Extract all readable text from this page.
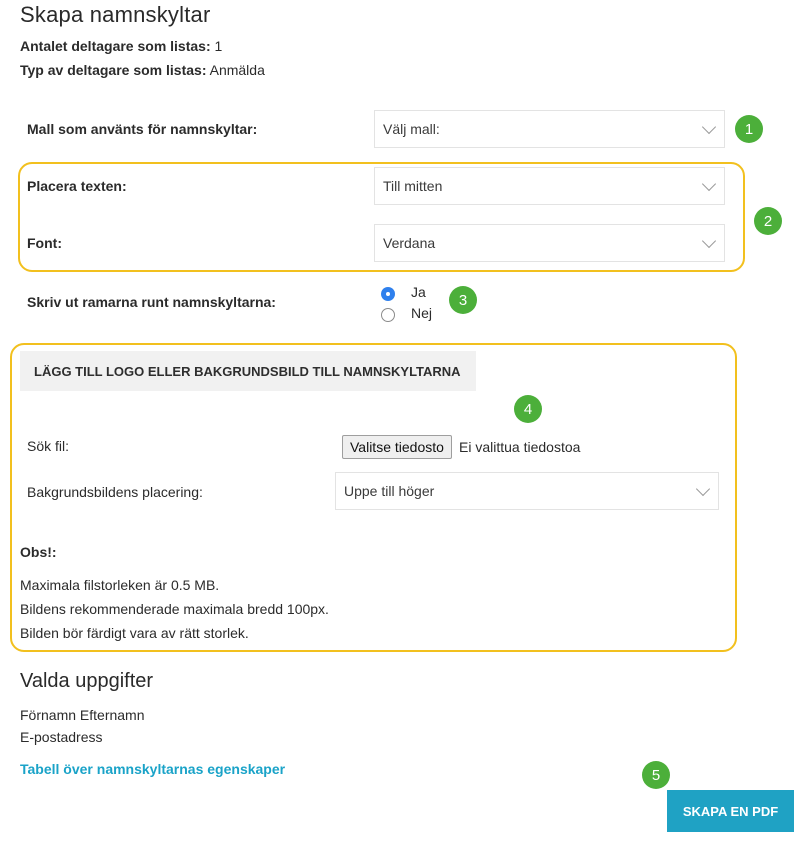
Skapa namnskyltar
Antalet deltagare som listas: 1
Typ av deltagare som listas: Anmälda
Mall som använts för namnskyltar:	Välj mall:	1
Placera texten:	Till mitten
Font:	Verdana
2
Skriv ut ramarna runt namnskyltarna:
Ja
Nej
3
LÄGG TILL LOGO ELLER BAKGRUNDSBILD TILL NAMNSKYLTARNA
4
Sök fil:	Valitse tiedosto	Ei valittua tiedostoa
Bakgrundsbildens placering:	Uppe till höger
Obs!:
Maximala filstorleken är 0.5 MB.
Bildens rekommenderade maximala bredd 100px.
Bilden bör färdigt vara av rätt storlek.
Valda uppgifter
Förnamn Efternamn
E-postadress
Tabell över namnskyltarnas egenskaper	5
SKAPA EN PDF
